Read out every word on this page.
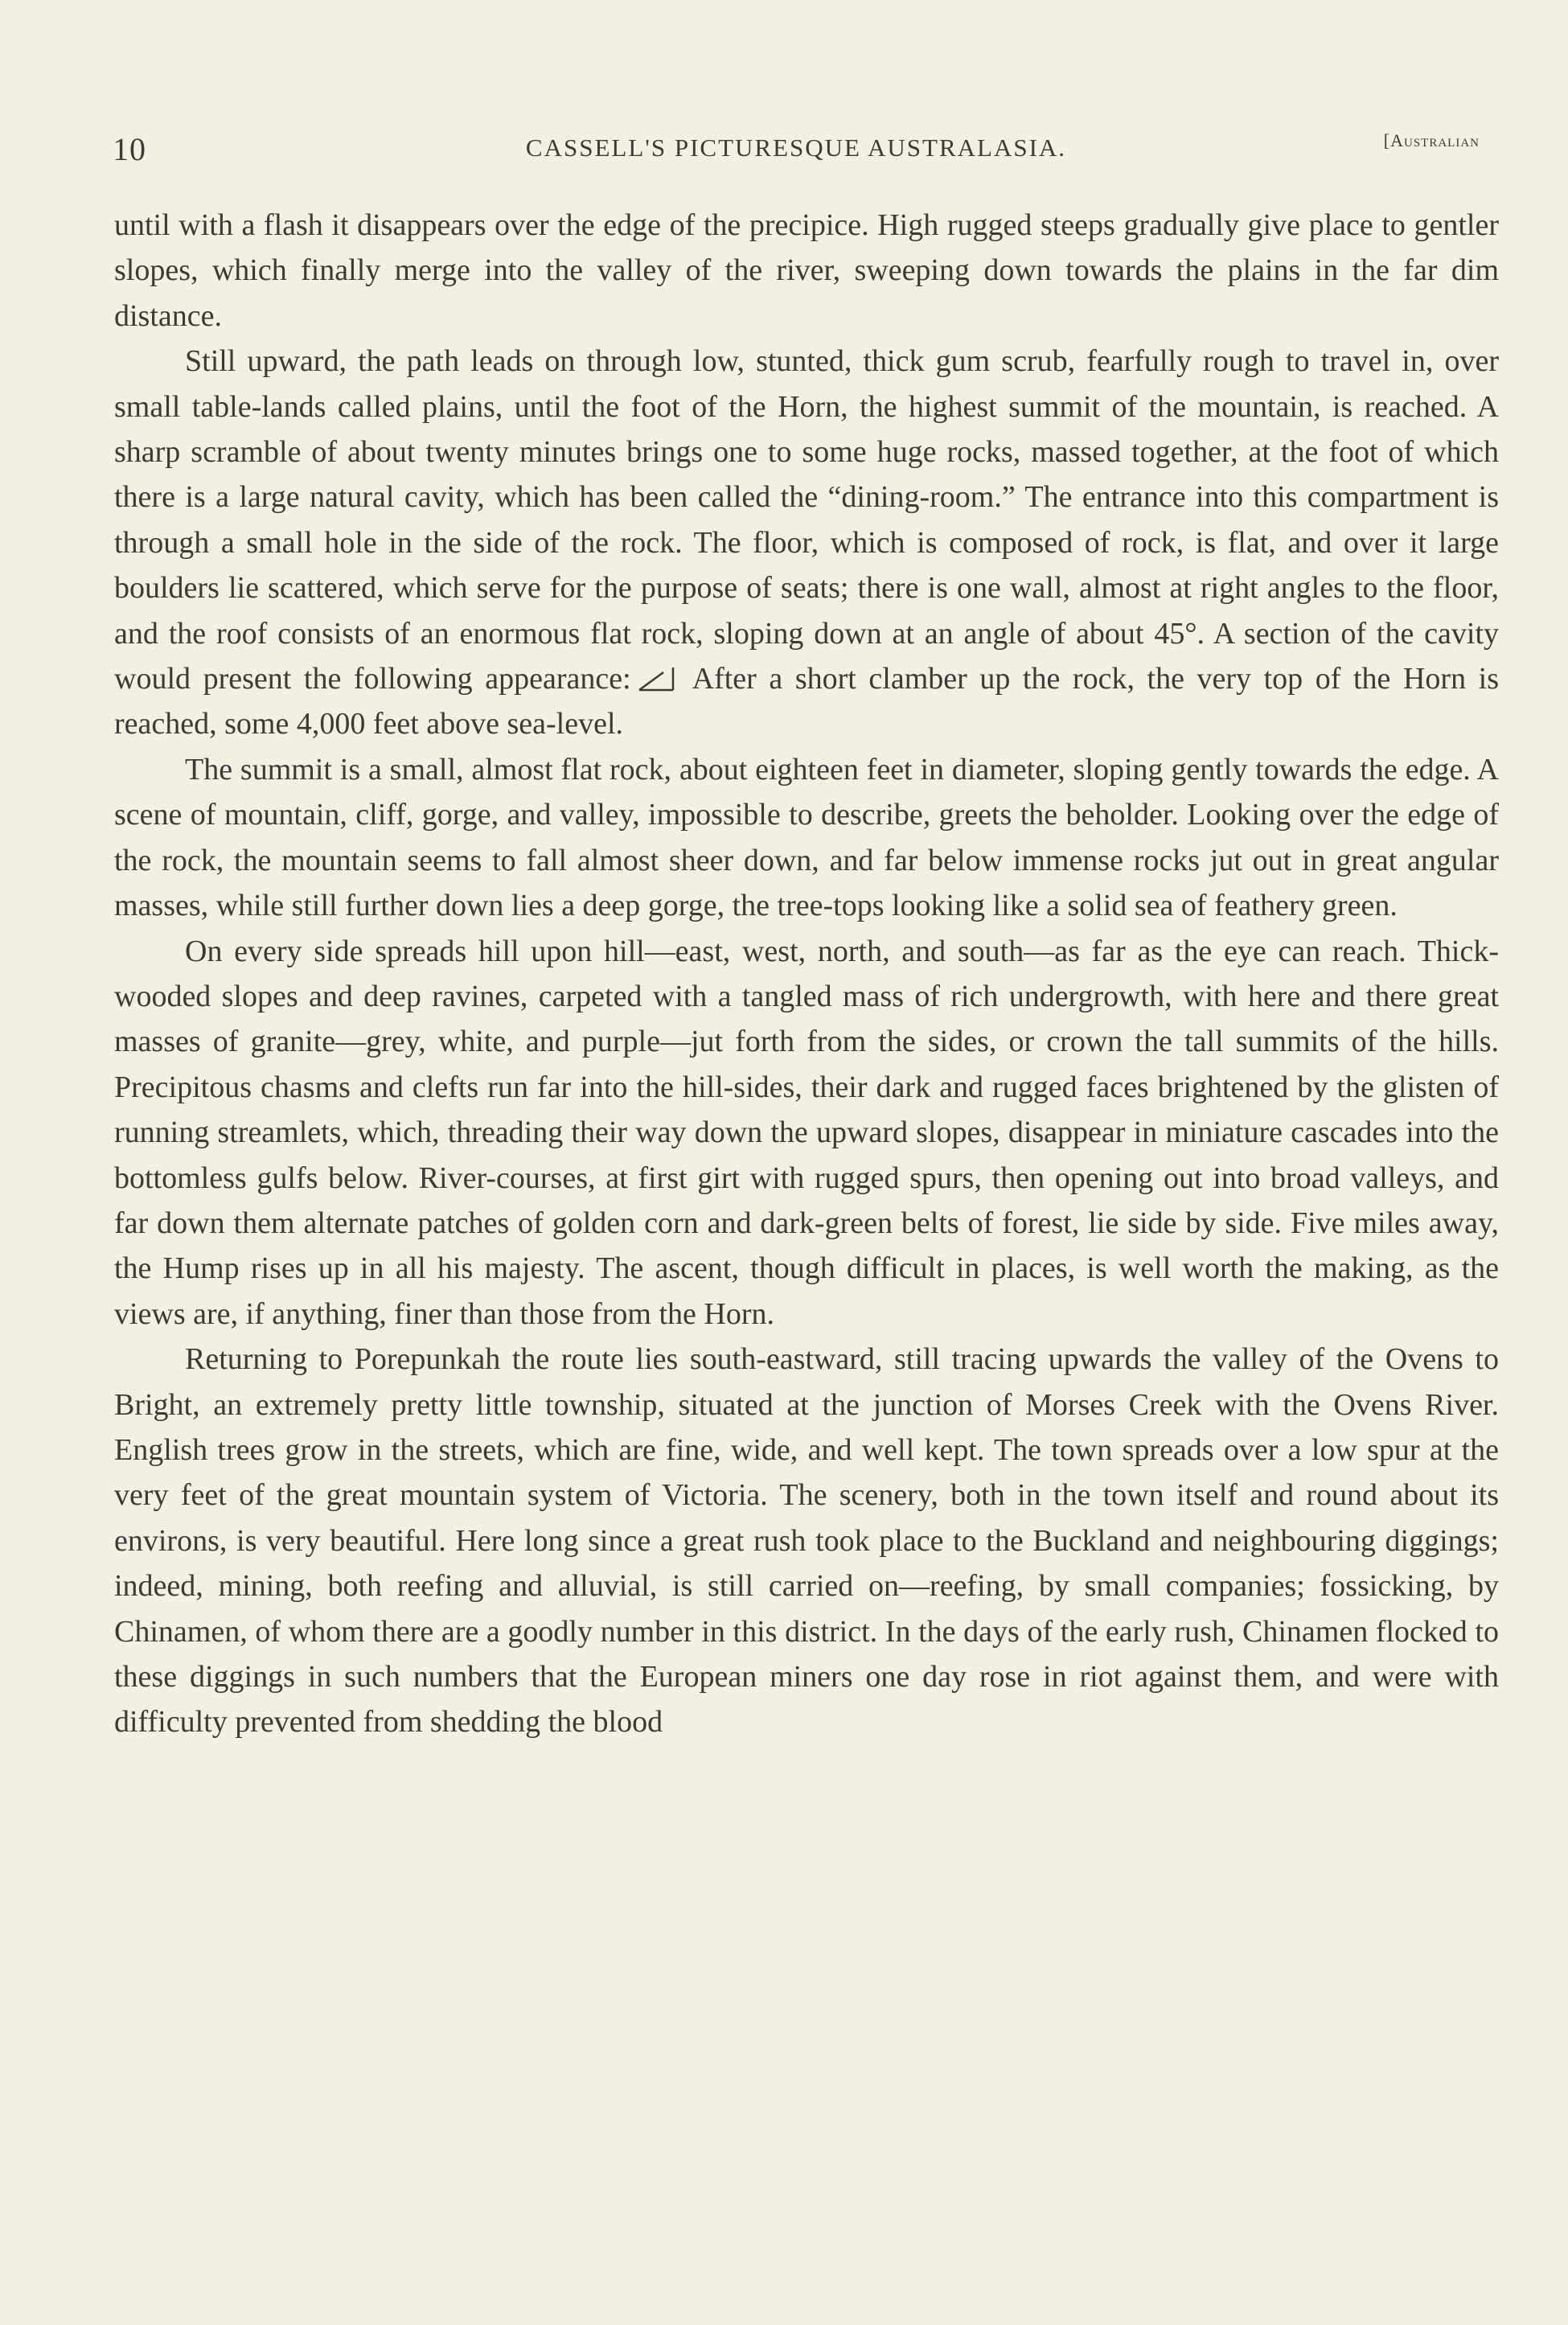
10	CASSELL'S PICTURESQUE AUSTRALASIA.	[Australian

until with a flash it disappears over the edge of the precipice. High rugged steeps gradually give place to gentler slopes, which finally merge into the valley of the river, sweeping down towards the plains in the far dim distance.

Still upward, the path leads on through low, stunted, thick gum scrub, fearfully rough to travel in, over small table-lands called plains, until the foot of the Horn, the highest summit of the mountain, is reached. A sharp scramble of about twenty minutes brings one to some huge rocks, massed together, at the foot of which there is a large natural cavity, which has been called the “dining-room.” The entrance into this compartment is through a small hole in the side of the rock. The floor, which is composed of rock, is flat, and over it large boulders lie scattered, which serve for the purpose of seats; there is one wall, almost at right angles to the floor, and the roof consists of an enormous flat rock, sloping down at an angle of about 45°. A section of the cavity would present the following appearance: After a short clamber up the rock, the very top of the Horn is reached, some 4,000 feet above sea-level.

The summit is a small, almost flat rock, about eighteen feet in diameter, sloping gently towards the edge. A scene of mountain, cliff, gorge, and valley, impossible to describe, greets the beholder. Looking over the edge of the rock, the mountain seems to fall almost sheer down, and far below immense rocks jut out in great angular masses, while still further down lies a deep gorge, the tree-tops looking like a solid sea of feathery green.

On every side spreads hill upon hill—east, west, north, and south—as far as the eye can reach. Thick-wooded slopes and deep ravines, carpeted with a tangled mass of rich undergrowth, with here and there great masses of granite—grey, white, and purple—jut forth from the sides, or crown the tall summits of the hills. Precipitous chasms and clefts run far into the hill-sides, their dark and rugged faces brightened by the glisten of running streamlets, which, threading their way down the upward slopes, disappear in miniature cascades into the bottomless gulfs below. River-courses, at first girt with rugged spurs, then opening out into broad valleys, and far down them alternate patches of golden corn and dark-green belts of forest, lie side by side. Five miles away, the Hump rises up in all his majesty. The ascent, though difficult in places, is well worth the making, as the views are, if anything, finer than those from the Horn.

Returning to Porepunkah the route lies south-eastward, still tracing upwards the valley of the Ovens to Bright, an extremely pretty little township, situated at the junction of Morses Creek with the Ovens River. English trees grow in the streets, which are fine, wide, and well kept. The town spreads over a low spur at the very feet of the great mountain system of Victoria. The scenery, both in the town itself and round about its environs, is very beautiful. Here long since a great rush took place to the Buckland and neighbouring diggings; indeed, mining, both reefing and alluvial, is still carried on—reefing, by small companies; fossicking, by Chinamen, of whom there are a goodly number in this district. In the days of the early rush, Chinamen flocked to these diggings in such numbers that the European miners one day rose in riot against them, and were with difficulty prevented from shedding the blood
